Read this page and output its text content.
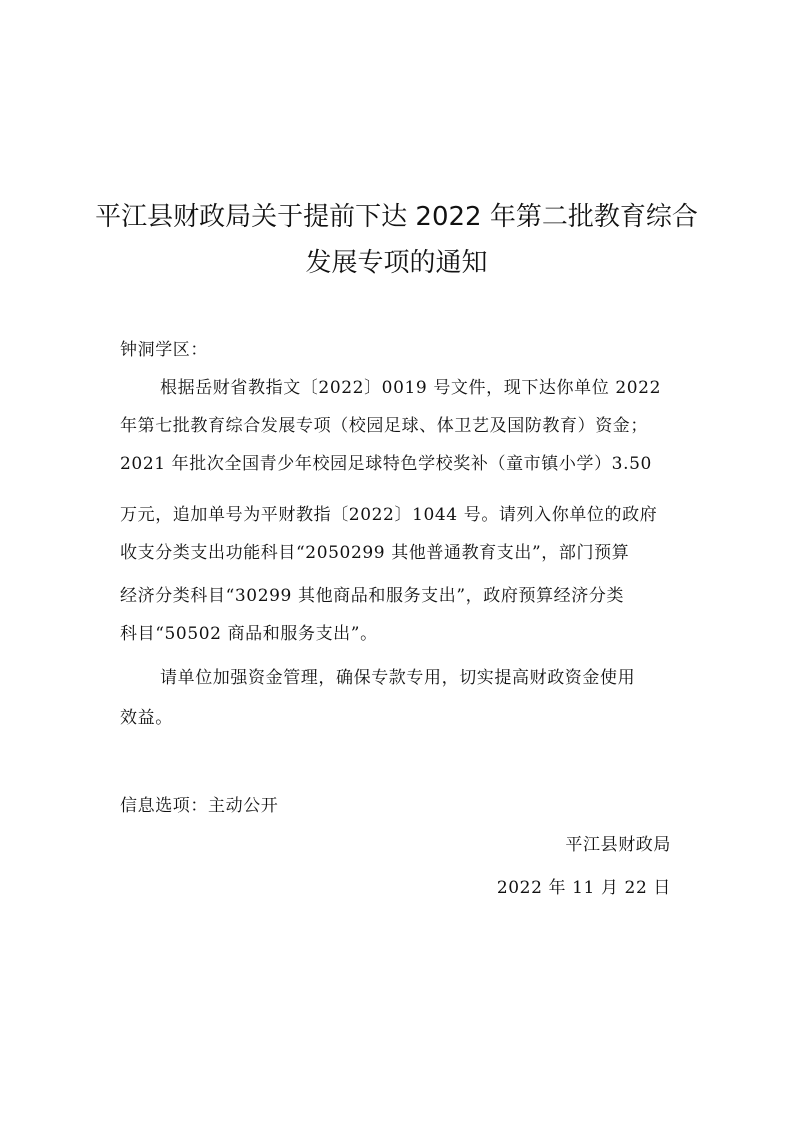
平江县财政局关于提前下达 2022 年第二批教育综合
发展专项的通知
钟洞学区：
根据岳财省教指文〔2022〕0019 号文件，现下达你单位 2022
年第七批教育综合发展专项（校园足球、体卫艺及国防教育）资金；
2021 年批次全国青少年校园足球特色学校奖补（童市镇小学）3.50
万元，追加单号为平财教指〔2022〕1044 号。请列入你单位的政府
收支分类支出功能科目“2050299 其他普通教育支出”，部门预算
经济分类科目“30299 其他商品和服务支出”，政府预算经济分类
科目“50502 商品和服务支出”。
请单位加强资金管理，确保专款专用，切实提高财政资金使用
效益。
信息选项：主动公开
平江县财政局
2022 年 11 月 22 日
